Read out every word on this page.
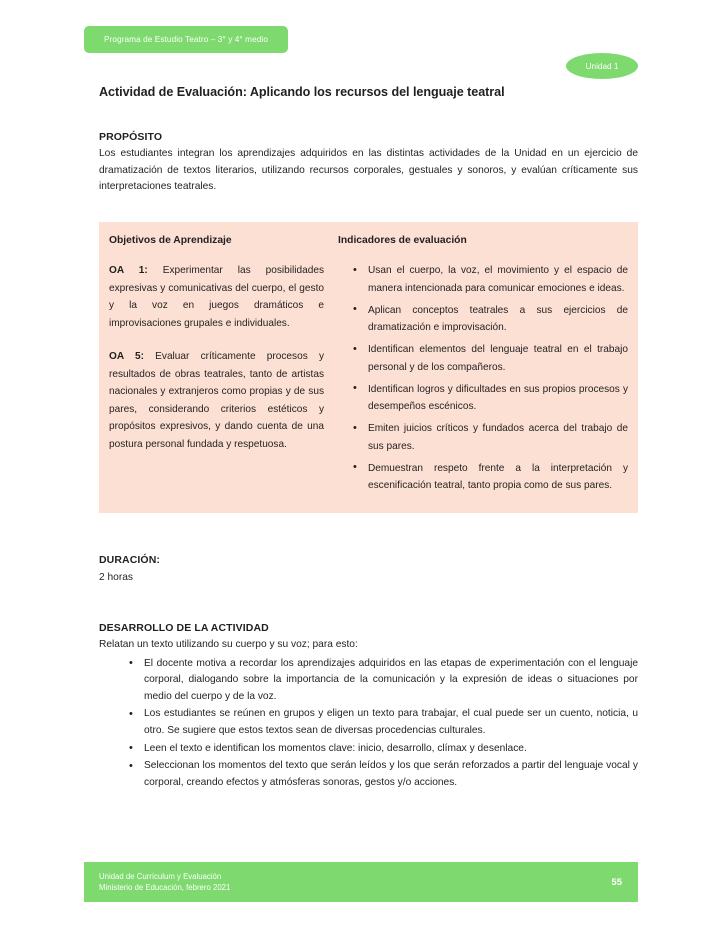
Programa de Estudio Teatro – 3° y 4° medio
Unidad 1
Actividad de Evaluación: Aplicando los recursos del lenguaje teatral
PROPÓSITO
Los estudiantes integran los aprendizajes adquiridos en las distintas actividades de la Unidad en un ejercicio de dramatización de textos literarios, utilizando recursos corporales, gestuales y sonoros, y evalúan críticamente sus interpretaciones teatrales.
Objetivos de Aprendizaje
OA 1: Experimentar las posibilidades expresivas y comunicativas del cuerpo, el gesto y la voz en juegos dramáticos e improvisaciones grupales e individuales.
OA 5: Evaluar críticamente procesos y resultados de obras teatrales, tanto de artistas nacionales y extranjeros como propias y de sus pares, considerando criterios estéticos y propósitos expresivos, y dando cuenta de una postura personal fundada y respetuosa.
Indicadores de evaluación
• Usan el cuerpo, la voz, el movimiento y el espacio de manera intencionada para comunicar emociones e ideas.
• Aplican conceptos teatrales a sus ejercicios de dramatización e improvisación.
• Identifican elementos del lenguaje teatral en el trabajo personal y de los compañeros.
• Identifican logros y dificultades en sus propios procesos y desempeños escénicos.
• Emiten juicios críticos y fundados acerca del trabajo de sus pares.
• Demuestran respeto frente a la interpretación y escenificación teatral, tanto propia como de sus pares.
DURACIÓN:
2 horas
DESARROLLO DE LA ACTIVIDAD
Relatan un texto utilizando su cuerpo y su voz; para esto:
• El docente motiva a recordar los aprendizajes adquiridos en las etapas de experimentación con el lenguaje corporal, dialogando sobre la importancia de la comunicación y la expresión de ideas o situaciones por medio del cuerpo y de la voz.
• Los estudiantes se reúnen en grupos y eligen un texto para trabajar, el cual puede ser un cuento, noticia, u otro. Se sugiere que estos textos sean de diversas procedencias culturales.
• Leen el texto e identifican los momentos clave: inicio, desarrollo, clímax y desenlace.
• Seleccionan los momentos del texto que serán leídos y los que serán reforzados a partir del lenguaje vocal y corporal, creando efectos y atmósferas sonoras, gestos y/o acciones.
Unidad de Currículum y Evaluación
Ministerio de Educación, febrero 2021	55
